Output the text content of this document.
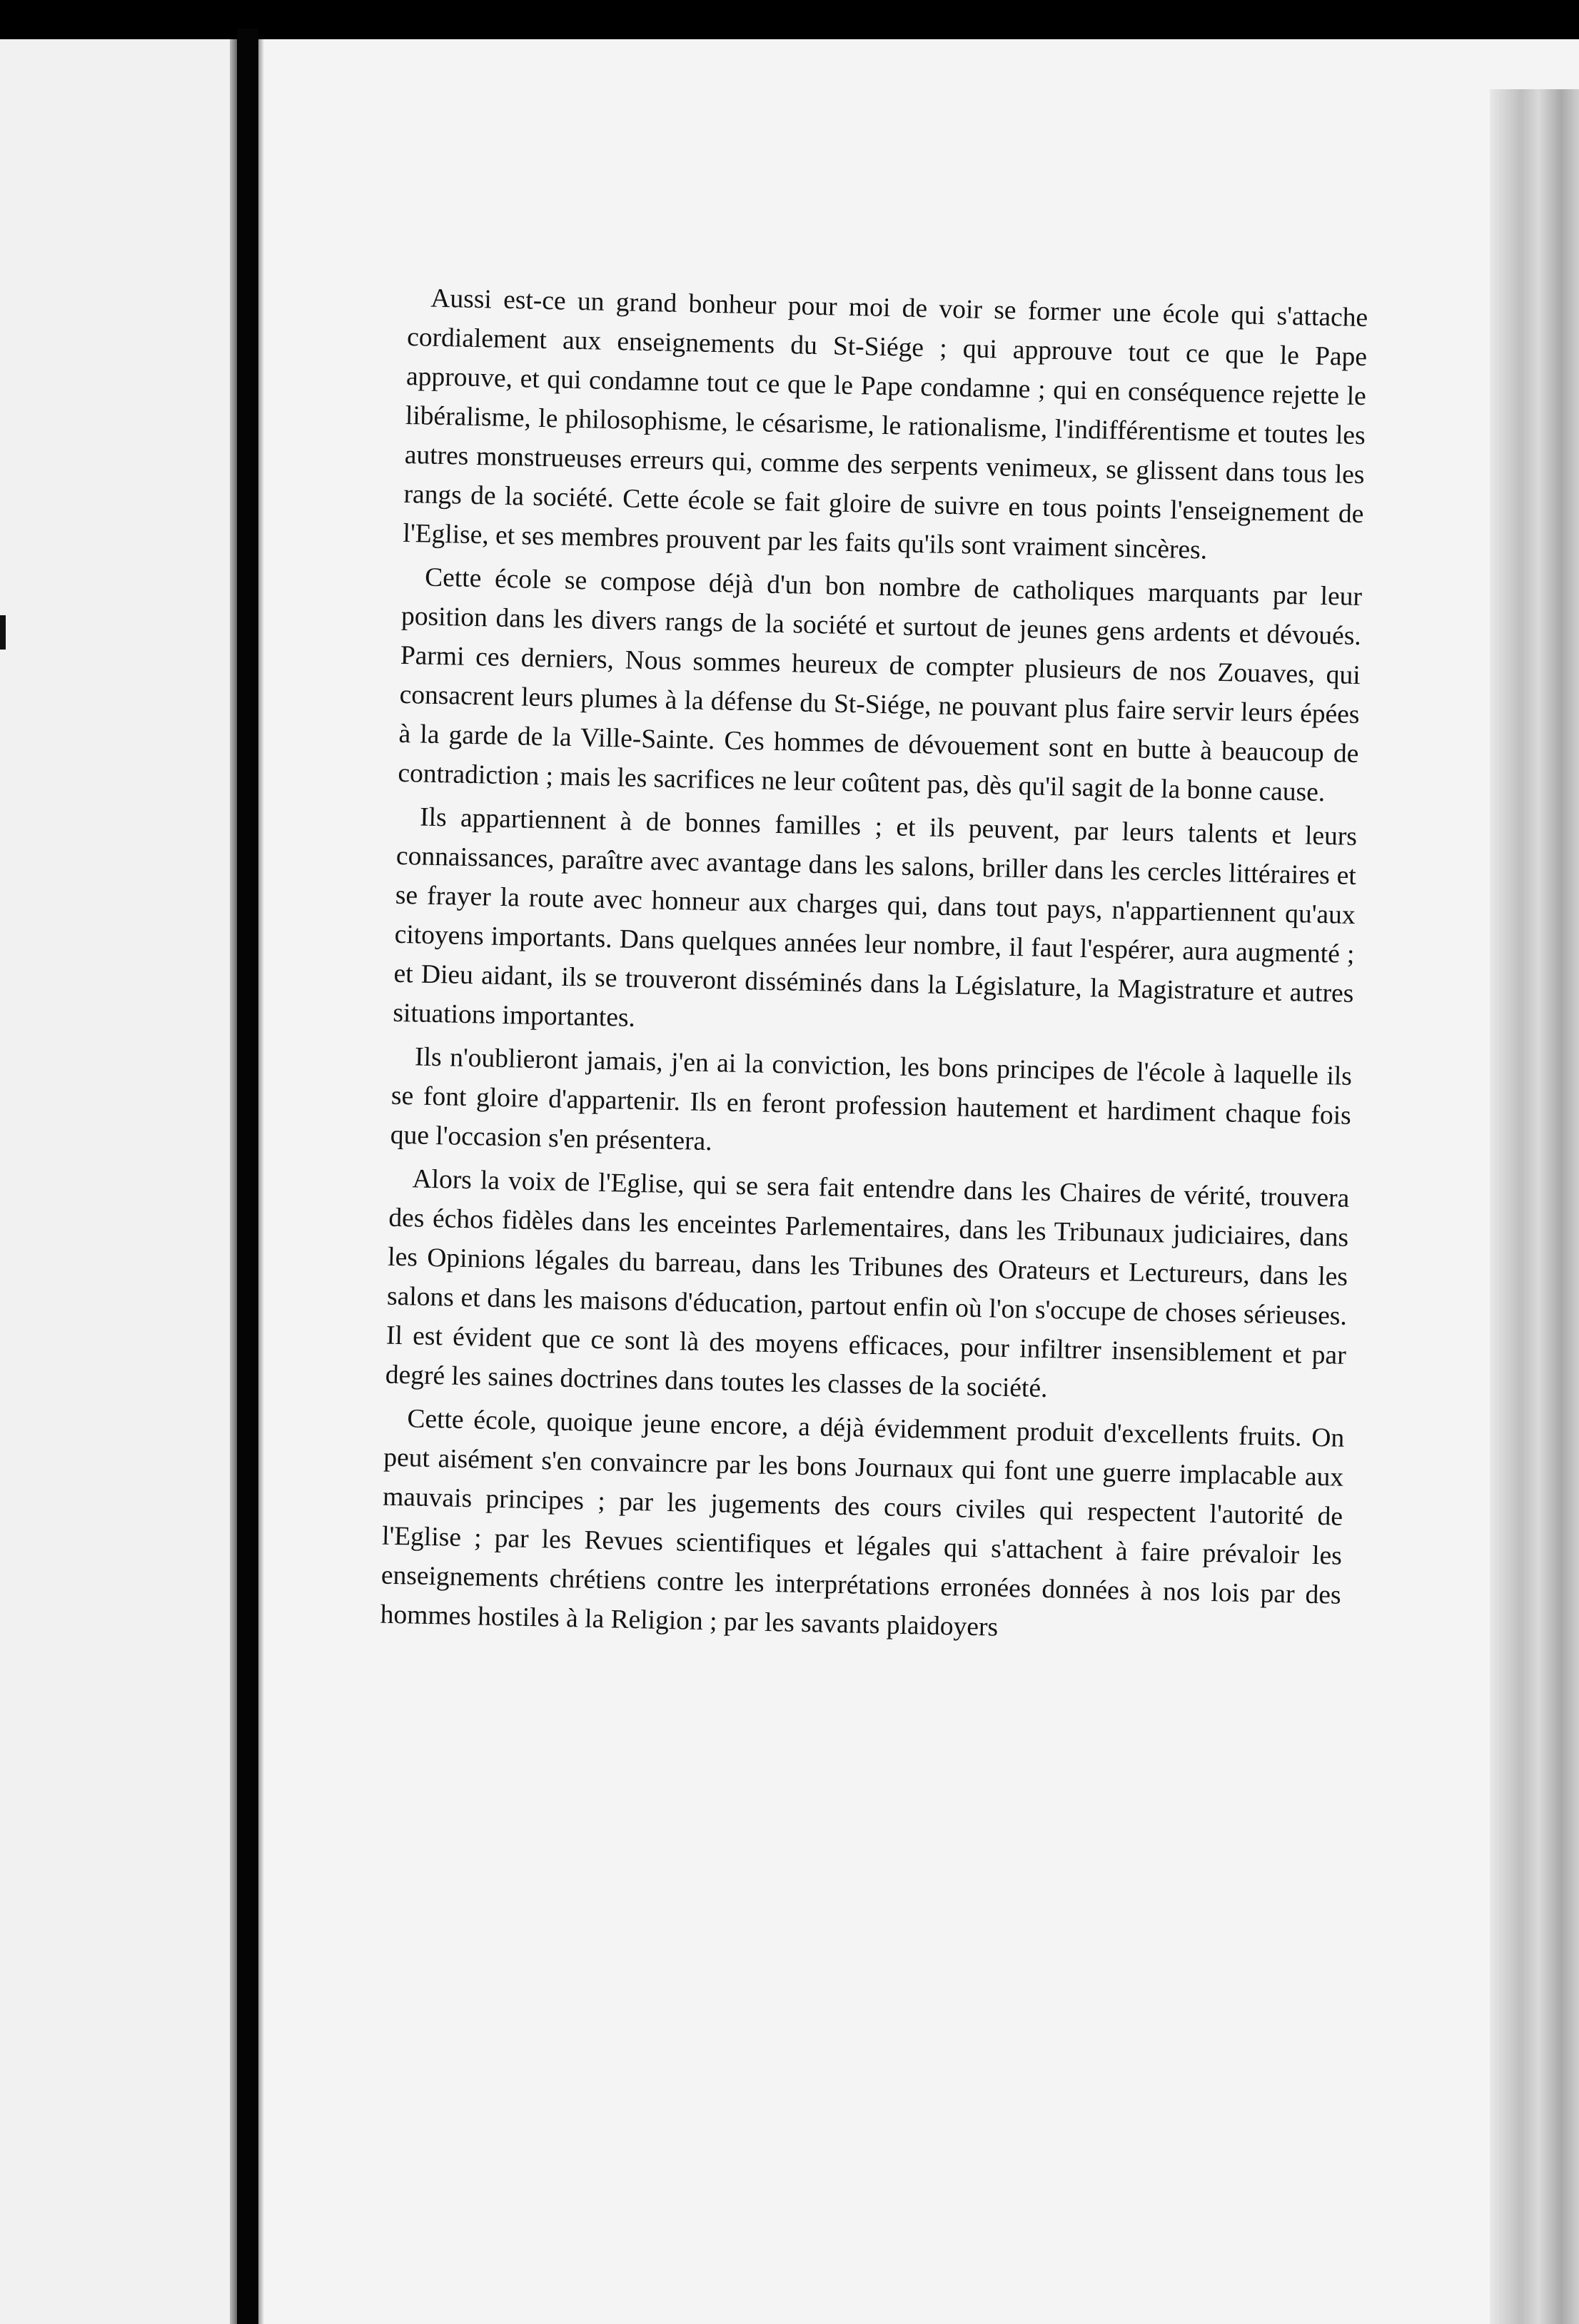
Aussi est-ce un grand bonheur pour moi de voir se former une école qui s'attache cordialement aux enseignements du St-Siége ; qui approuve tout ce que le Pape approuve, et qui condamne tout ce que le Pape condamne ; qui en conséquence rejette le libéralisme, le philosophisme, le césarisme, le rationalisme, l'indifférentisme et toutes les autres monstrueuses erreurs qui, comme des serpents venimeux, se glissent dans tous les rangs de la société. Cette école se fait gloire de suivre en tous points l'enseignement de l'Eglise, et ses membres prouvent par les faits qu'ils sont vraiment sincères.

Cette école se compose déjà d'un bon nombre de catholiques marquants par leur position dans les divers rangs de la société et surtout de jeunes gens ardents et dévoués. Parmi ces derniers, Nous sommes heureux de compter plusieurs de nos Zouaves, qui consacrent leurs plumes à la défense du St-Siége, ne pouvant plus faire servir leurs épées à la garde de la Ville-Sainte. Ces hommes de dévouement sont en butte à beaucoup de contradiction ; mais les sacrifices ne leur coûtent pas, dès qu'il sagit de la bonne cause.

Ils appartiennent à de bonnes familles ; et ils peuvent, par leurs talents et leurs connaissances, paraître avec avantage dans les salons, briller dans les cercles littéraires et se frayer la route avec honneur aux charges qui, dans tout pays, n'appartiennent qu'aux citoyens importants. Dans quelques années leur nombre, il faut l'espérer, aura augmenté ; et Dieu aidant, ils se trouveront disséminés dans la Législature, la Magistrature et autres situations importantes.

Ils n'oublieront jamais, j'en ai la conviction, les bons principes de l'école à laquelle ils se font gloire d'appartenir. Ils en feront profession hautement et hardiment chaque fois que l'occasion s'en présentera.

Alors la voix de l'Eglise, qui se sera fait entendre dans les Chaires de vérité, trouvera des échos fidèles dans les enceintes Parlementaires, dans les Tribunaux judiciaires, dans les Opinions légales du barreau, dans les Tribunes des Orateurs et Lectureurs, dans les salons et dans les maisons d'éducation, partout enfin où l'on s'occupe de choses sérieuses. Il est évident que ce sont là des moyens efficaces, pour infiltrer insensiblement et par degré les saines doctrines dans toutes les classes de la société.

Cette école, quoique jeune encore, a déjà évidemment produit d'excellents fruits. On peut aisément s'en convaincre par les bons Journaux qui font une guerre implacable aux mauvais principes ; par les jugements des cours civiles qui respectent l'autorité de l'Eglise ; par les Revues scientifiques et légales qui s'attachent à faire prévaloir les enseignements chrétiens contre les interprétations erronées données à nos lois par des hommes hostiles à la Religion ; par les savants plaidoyers
